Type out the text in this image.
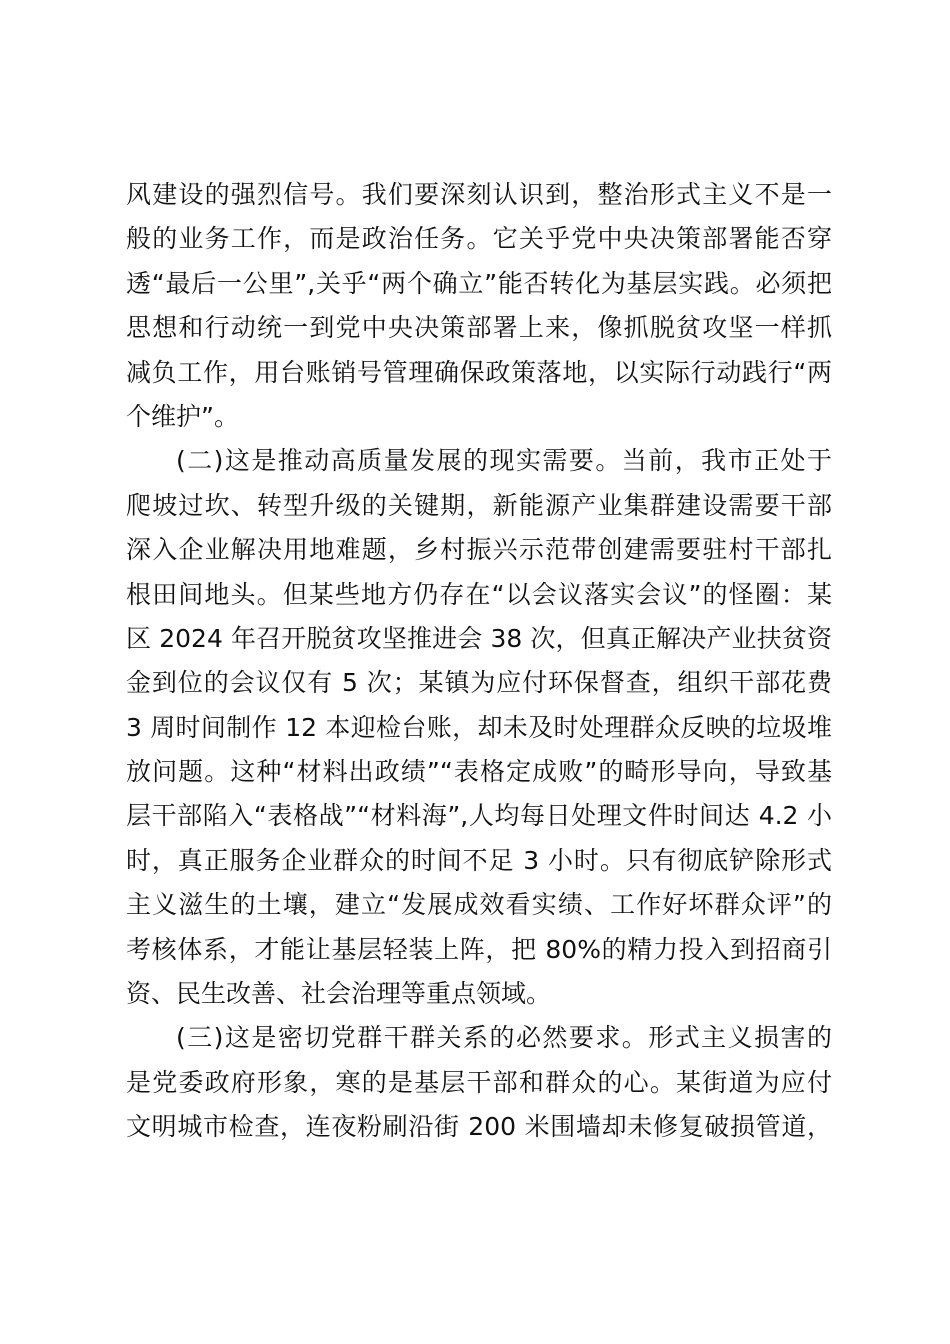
风建设的强烈信号。我们要深刻认识到，整治形式主义不是一
般的业务工作，而是政治任务。它关乎党中央决策部署能否穿
透“最后一公里”,关乎“两个确立”能否转化为基层实践。必须把
思想和行动统一到党中央决策部署上来，像抓脱贫攻坚一样抓
减负工作，用台账销号管理确保政策落地，以实际行动践行“两
个维护”。
(二)这是推动高质量发展的现实需要。当前，我市正处于
爬坡过坎、转型升级的关键期，新能源产业集群建设需要干部
深入企业解决用地难题，乡村振兴示范带创建需要驻村干部扎
根田间地头。但某些地方仍存在“以会议落实会议”的怪圈：某
区 2024 年召开脱贫攻坚推进会 38 次，但真正解决产业扶贫资
金到位的会议仅有 5 次；某镇为应付环保督查，组织干部花费
3 周时间制作 12 本迎检台账，却未及时处理群众反映的垃圾堆
放问题。这种“材料出政绩”“表格定成败”的畸形导向，导致基
层干部陷入“表格战”“材料海”,人均每日处理文件时间达 4.2 小
时，真正服务企业群众的时间不足 3 小时。只有彻底铲除形式
主义滋生的土壤，建立“发展成效看实绩、工作好坏群众评”的
考核体系，才能让基层轻装上阵，把 80%的精力投入到招商引
资、民生改善、社会治理等重点领域。
(三)这是密切党群干群关系的必然要求。形式主义损害的
是党委政府形象，寒的是基层干部和群众的心。某街道为应付
文明城市检查，连夜粉刷沿街 200 米围墙却未修复破损管道，
